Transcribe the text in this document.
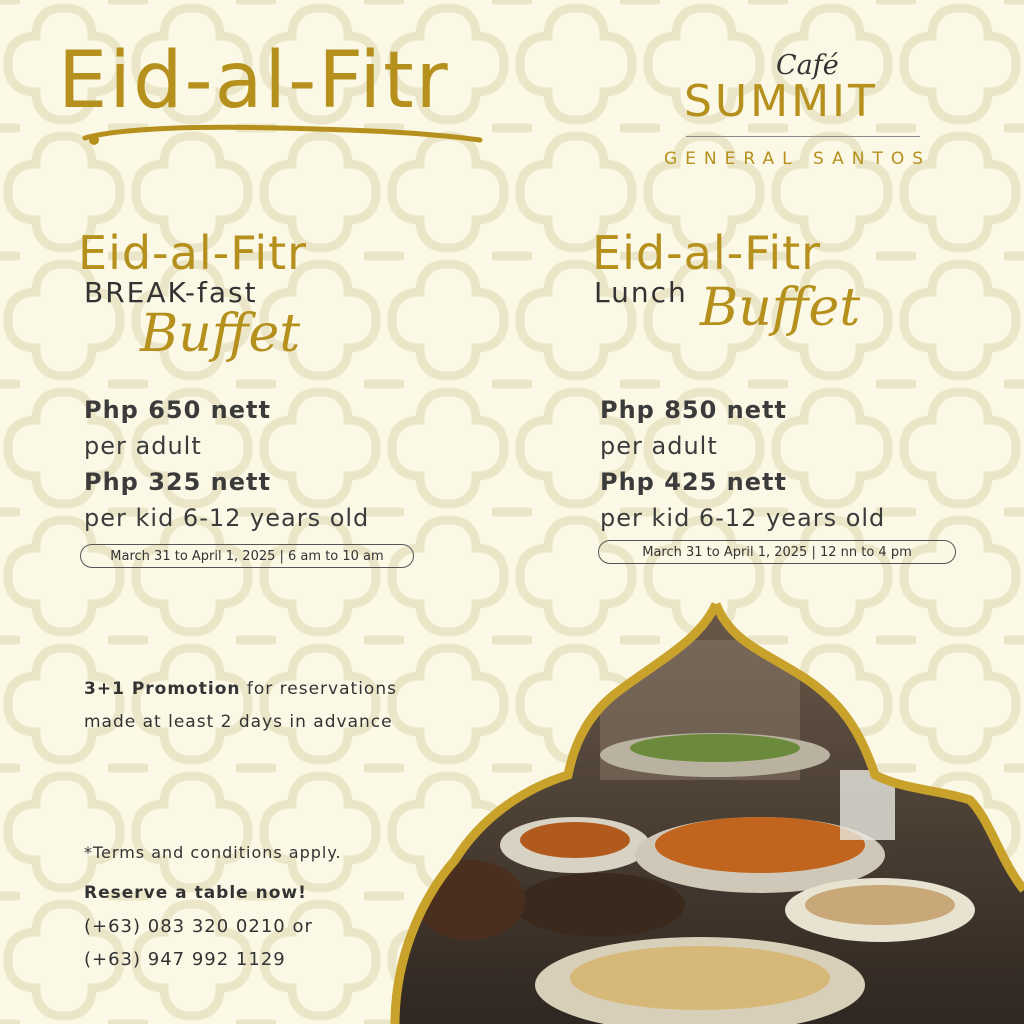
Eid-al-Fitr	Café
SUMMIT
GENERAL SANTOS
Eid-al-Fitr
BREAK-fast
Buffet
Php 650 nett
per adult
Php 325 nett
per kid 6-12 years old
March 31 to April 1, 2025 | 6 am to 10 am
Eid-al-Fitr
Lunch Buffet
Php 850 nett
per adult
Php 425 nett
per kid 6-12 years old
March 31 to April 1, 2025 | 12 nn to 4 pm
3+1 Promotion for reservations
made at least 2 days in advance
*Terms and conditions apply.
Reserve a table now!
(+63) 083 320 0210 or
(+63) 947 992 1129
